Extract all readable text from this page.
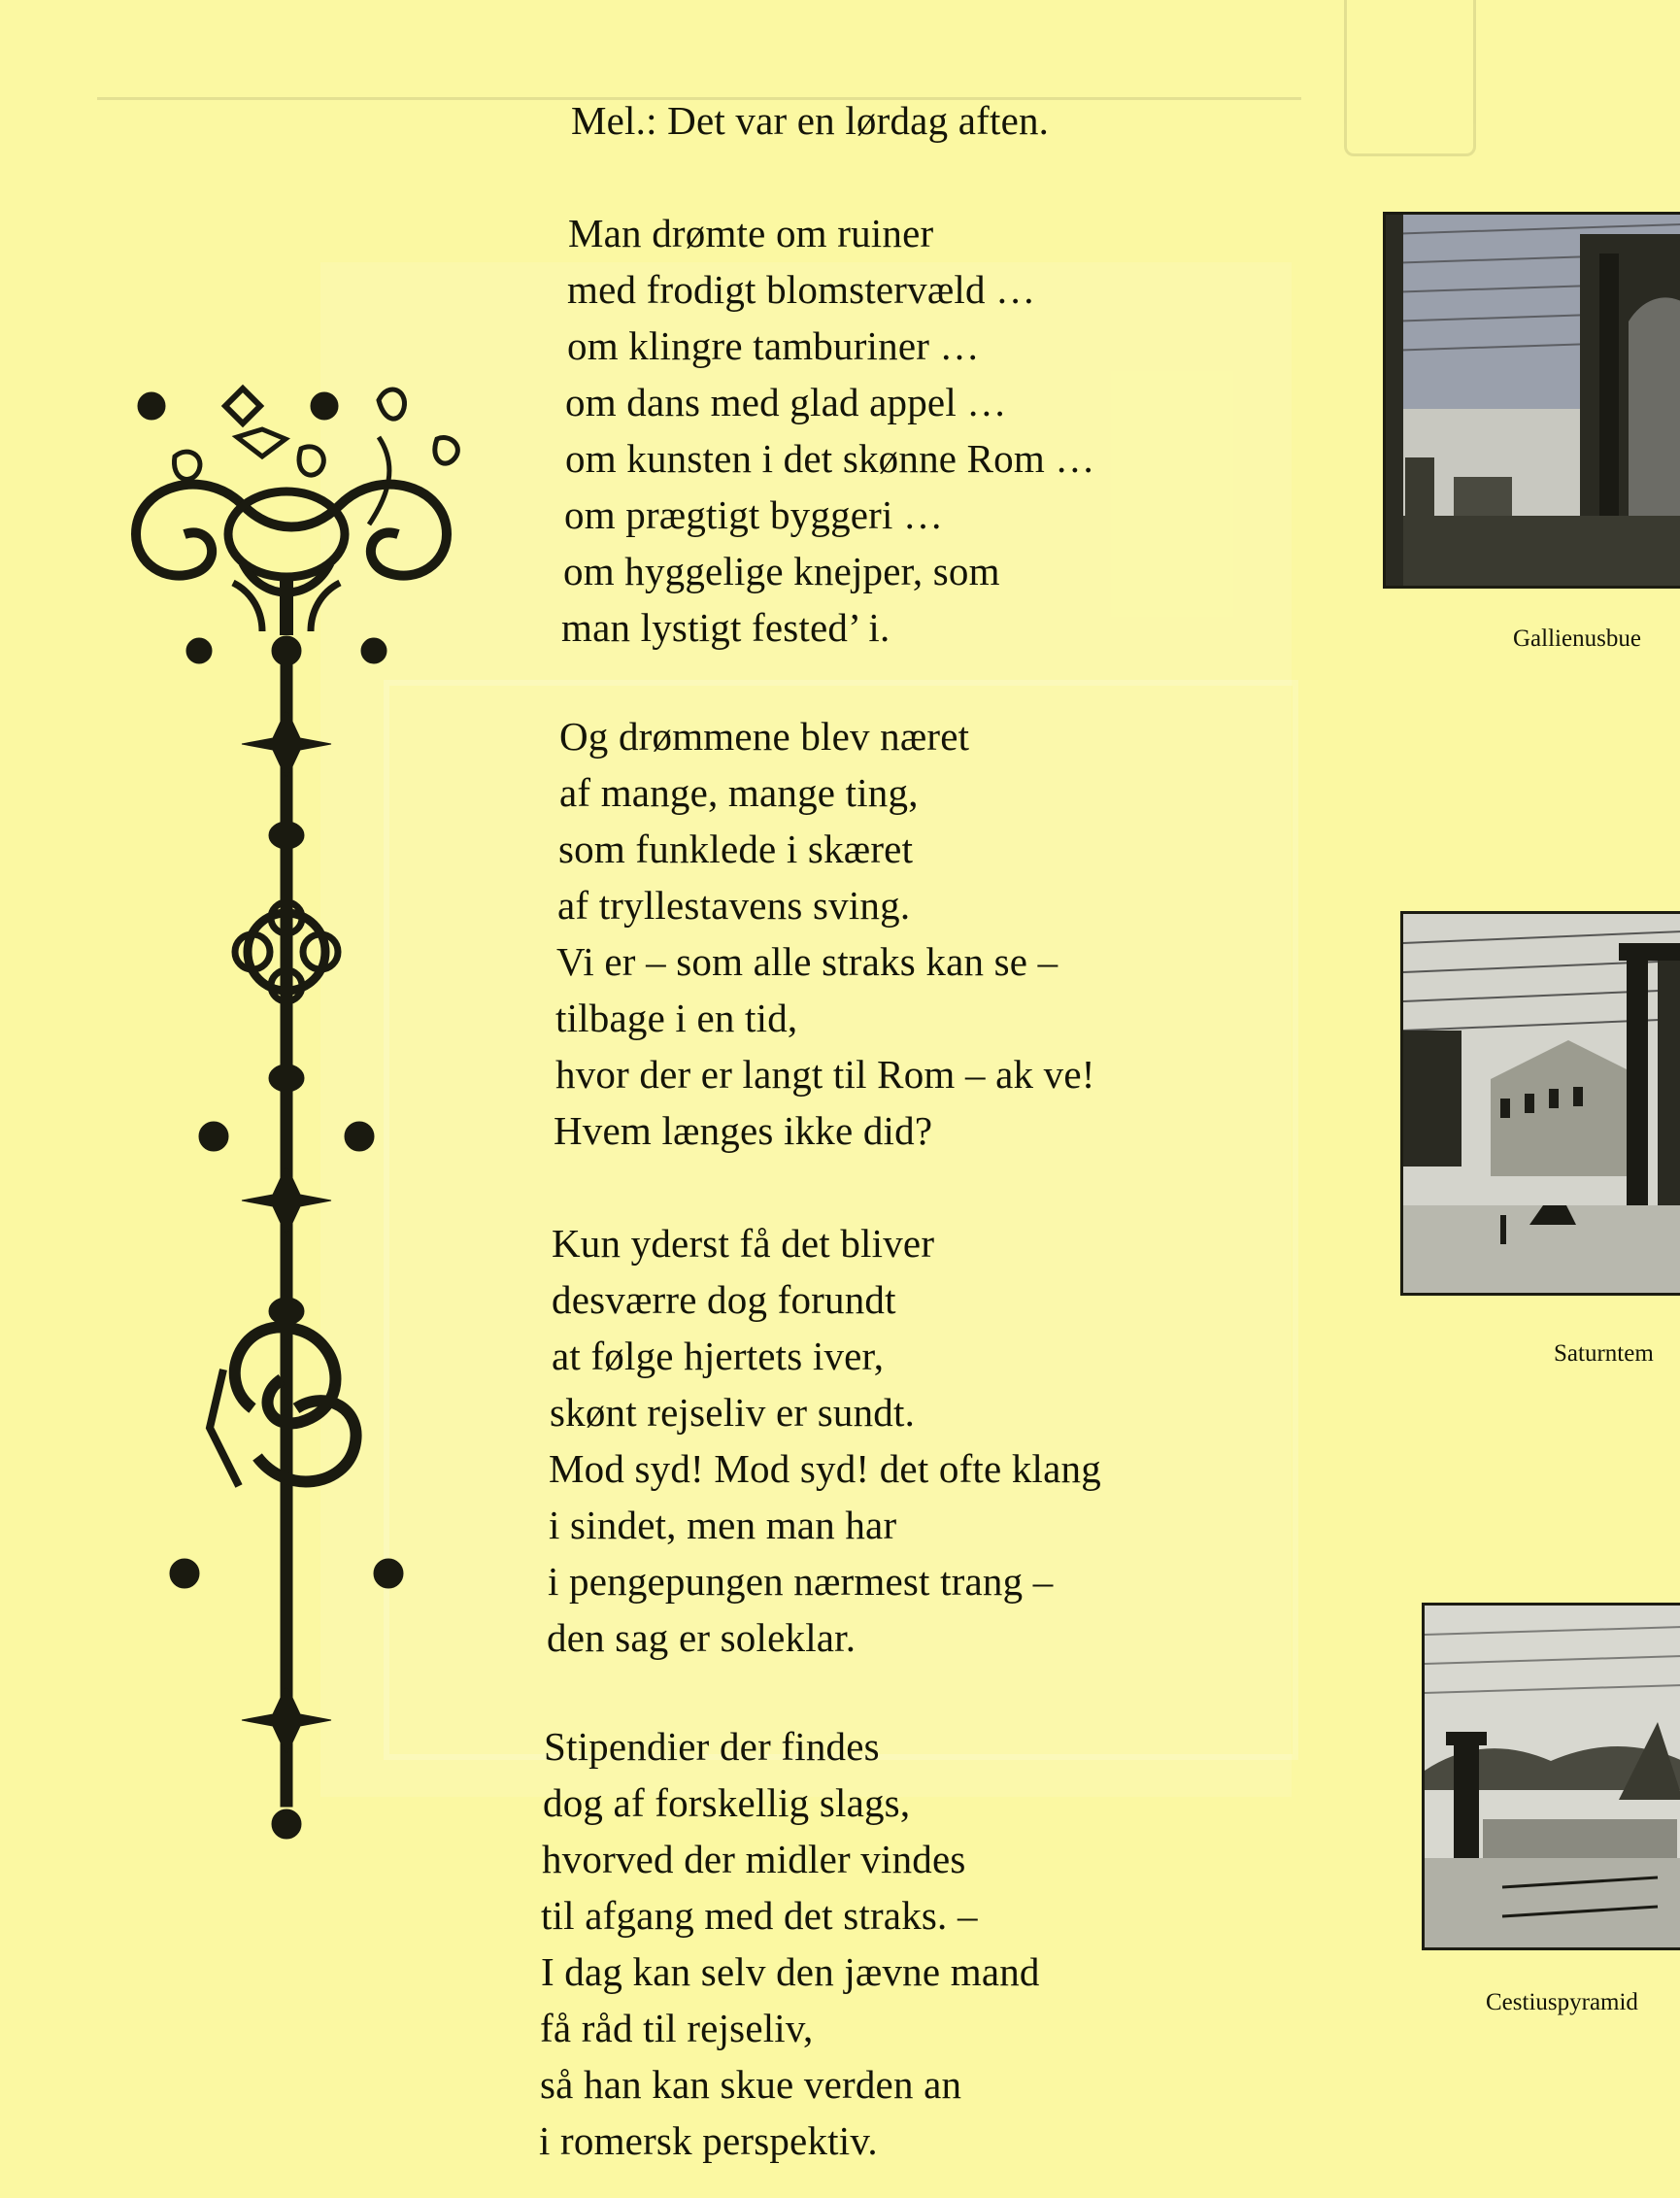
Mel.: Det var en lørdag aften.
Man drømte om ruiner
med frodigt blomstervæld …
om klingre tamburiner …
om dans med glad appel …
om kunsten i det skønne Rom …
om prægtigt byggeri …
om hyggelige knejper, som
man lystigt fested’ i.
Og drømmene blev næret
af mange, mange ting,
som funklede i skæret
af tryllestavens sving.
Vi er – som alle straks kan se –
tilbage i en tid,
hvor der er langt til Rom – ak ve!
Hvem længes ikke did?
Kun yderst få det bliver
desværre dog forundt
at følge hjertets iver,
skønt rejseliv er sundt.
Mod syd! Mod syd! det ofte klang
i sindet, men man har
i pengepungen nærmest trang –
den sag er soleklar.
Stipendier der findes
dog af forskellig slags,
hvorved der midler vindes
til afgang med det straks. –
I dag kan selv den jævne mand
få råd til rejseliv,
så han kan skue verden an
i romersk perspektiv.
Gallienusbue
Saturntem
Cestiuspyramid
